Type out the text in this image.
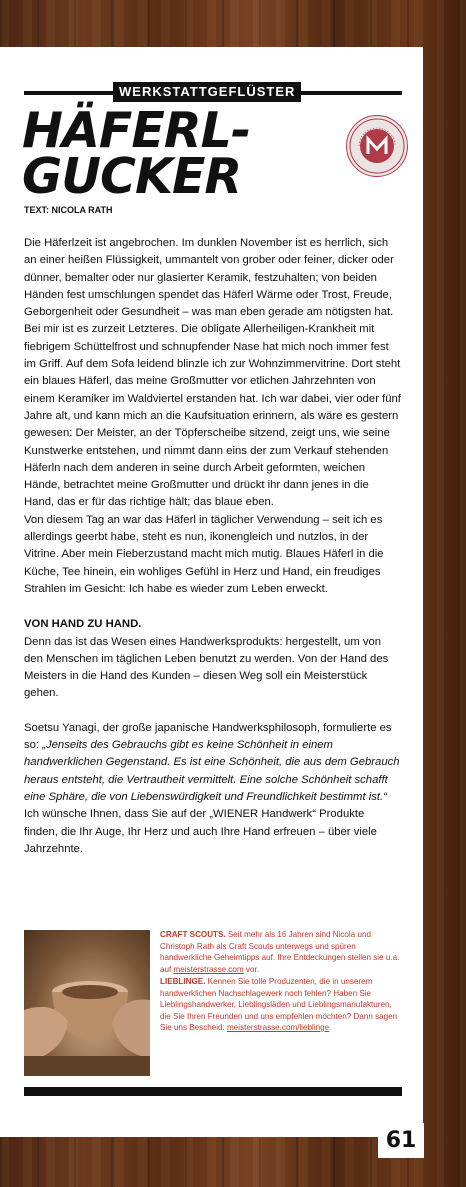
WERKSTATTGEFLÜSTER
HÄFERL-
GUCKER
TEXT: NICOLA RATH

Die Häferlzeit ist angebrochen. Im dunklen November ist es herrlich, sich an einer heißen Flüssigkeit, ummantelt von grober oder feiner, dicker oder dünner, bemalter oder nur glasierter Keramik, festzuhalten; von beiden Händen fest umschlungen spendet das Häferl Wärme oder Trost, Freude, Geborgenheit oder Gesundheit – was man eben gerade am nötigsten hat.

Bei mir ist es zurzeit Letzteres. Die obligate Allerheiligen-Krankheit mit fiebrigem Schüttelfrost und schnupfender Nase hat mich noch immer fest im Griff. Auf dem Sofa leidend blinzle ich zur Wohnzimmervitrine. Dort steht ein blaues Häferl, das meine Großmutter vor etlichen Jahrzehnten von einem Keramiker im Waldviertel erstanden hat. Ich war dabei, vier oder fünf Jahre alt, und kann mich an die Kaufsituation erinnern, als wäre es gestern gewesen: Der Meister, an der Töpferscheibe sitzend, zeigt uns, wie seine Kunstwerke entstehen, und nimmt dann eins der zum Verkauf stehenden Häferln nach dem anderen in seine durch Arbeit geformten, weichen Hände, betrachtet meine Großmutter und drückt ihr dann jenes in die Hand, das er für das richtige hält; das blaue eben.

Von diesem Tag an war das Häferl in täglicher Verwendung – seit ich es allerdings geerbt habe, steht es nun, ikonengleich und nutzlos, in der Vitrine. Aber mein Fieberzustand macht mich mutig. Blaues Häferl in die Küche, Tee hinein, ein wohliges Gefühl in Herz und Hand, ein freudiges Strahlen im Gesicht: Ich habe es wieder zum Leben erweckt.

VON HAND ZU HAND.

Denn das ist das Wesen eines Handwerksprodukts: hergestellt, um von den Menschen im täglichen Leben benutzt zu werden. Von der Hand des Meisters in die Hand des Kunden – diesen Weg soll ein Meisterstück gehen.

Soetsu Yanagi, der große japanische Handwerksphilosoph, formulierte es so: „Jenseits des Gebrauchs gibt es keine Schönheit in einem handwerklichen Gegenstand. Es ist eine Schönheit, die aus dem Gebrauch heraus entsteht, die Vertrautheit vermittelt. Eine solche Schönheit schafft eine Sphäre, die von Liebenswürdigkeit und Freundlichkeit bestimmt ist.“

Ich wünsche Ihnen, dass Sie auf der „WIENER Handwerk“ Produkte finden, die Ihr Auge, Ihr Herz und auch Ihre Hand erfreuen – über viele Jahrzehnte.

CRAFT SCOUTS. Seit mehr als 16 Jahren sind Nicola und Christoph Rath als Craft Scouts unterwegs und spüren handwerkliche Geheimtipps auf. Ihre Entdeckungen stellen sie u.a. auf meisterstrasse.com vor.

LIEBLINGE. Kennen Sie tolle Produzenten, die in unserem handwerklichen Nachschlagewerk noch fehlen? Haben Sie Lieblingshandwerker, Lieblingsläden und Lieblingsmanufakturen, die Sie Ihren Freunden und uns empfehlen möchten? Dann sagen Sie uns Bescheid: meisterstrasse.com/lieblinge

61
